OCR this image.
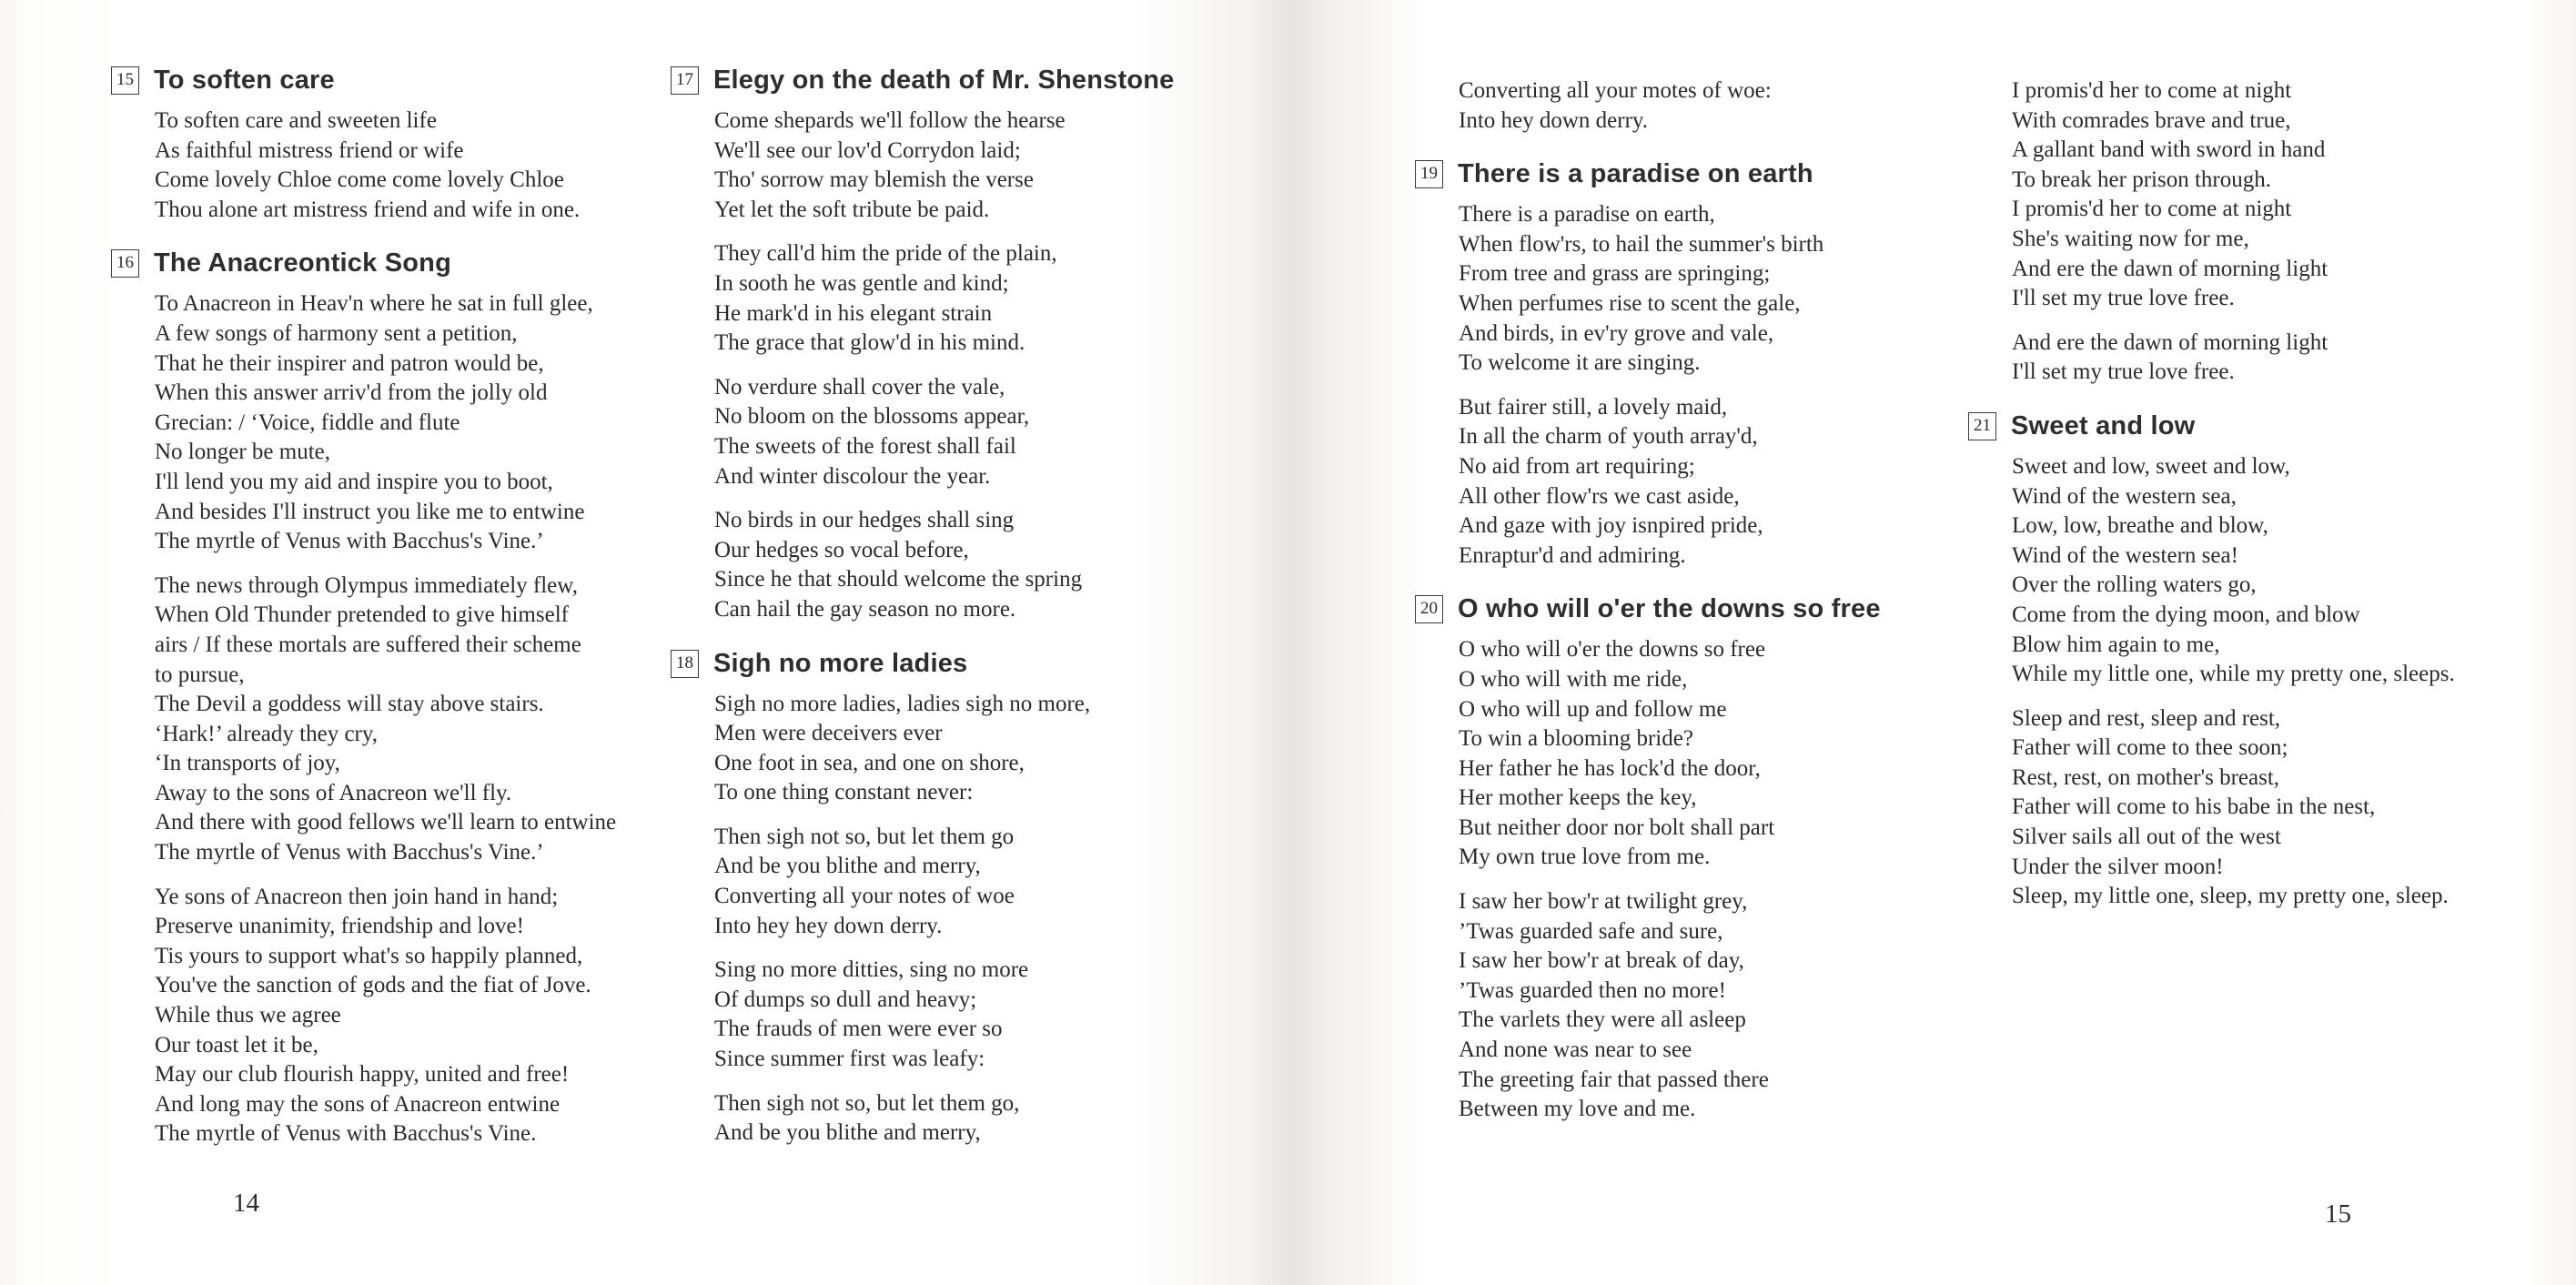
15 To soften care
To soften care and sweeten life
As faithful mistress friend or wife
Come lovely Chloe come come lovely Chloe
Thou alone art mistress friend and wife in one.
16 The Anacreontick Song
To Anacreon in Heav'n where he sat in full glee,
A few songs of harmony sent a petition,
That he their inspirer and patron would be,
When this answer arriv'd from the jolly old
Grecian: / ‘Voice, fiddle and flute
No longer be mute,
I'll lend you my aid and inspire you to boot,
And besides I'll instruct you like me to entwine
The myrtle of Venus with Bacchus's Vine.’
The news through Olympus immediately flew,
When Old Thunder pretended to give himself
airs / If these mortals are suffered their scheme
to pursue,
The Devil a goddess will stay above stairs.
‘Hark!’ already they cry,
‘In transports of joy,
Away to the sons of Anacreon we'll fly.
And there with good fellows we'll learn to entwine
The myrtle of Venus with Bacchus's Vine.’
Ye sons of Anacreon then join hand in hand;
Preserve unanimity, friendship and love!
Tis yours to support what's so happily planned,
You've the sanction of gods and the fiat of Jove.
While thus we agree
Our toast let it be,
May our club flourish happy, united and free!
And long may the sons of Anacreon entwine
The myrtle of Venus with Bacchus's Vine.
17 Elegy on the death of Mr. Shenstone
Come shepards we'll follow the hearse
We'll see our lov'd Corrydon laid;
Tho' sorrow may blemish the verse
Yet let the soft tribute be paid.
They call'd him the pride of the plain,
In sooth he was gentle and kind;
He mark'd in his elegant strain
The grace that glow'd in his mind.
No verdure shall cover the vale,
No bloom on the blossoms appear,
The sweets of the forest shall fail
And winter discolour the year.
No birds in our hedges shall sing
Our hedges so vocal before,
Since he that should welcome the spring
Can hail the gay season no more.
18 Sigh no more ladies
Sigh no more ladies, ladies sigh no more,
Men were deceivers ever
One foot in sea, and one on shore,
To one thing constant never:
Then sigh not so, but let them go
And be you blithe and merry,
Converting all your notes of woe
Into hey hey down derry.
Sing no more ditties, sing no more
Of dumps so dull and heavy;
The frauds of men were ever so
Since summer first was leafy:
Then sigh not so, but let them go,
And be you blithe and merry,
14
Converting all your motes of woe:
Into hey down derry.
19 There is a paradise on earth
There is a paradise on earth,
When flow'rs, to hail the summer's birth
From tree and grass are springing;
When perfumes rise to scent the gale,
And birds, in ev'ry grove and vale,
To welcome it are singing.
But fairer still, a lovely maid,
In all the charm of youth array'd,
No aid from art requiring;
All other flow'rs we cast aside,
And gaze with joy isnpired pride,
Enraptur'd and admiring.
20 O who will o'er the downs so free
O who will o'er the downs so free
O who will with me ride,
O who will up and follow me
To win a blooming bride?
Her father he has lock'd the door,
Her mother keeps the key,
But neither door nor bolt shall part
My own true love from me.
I saw her bow'r at twilight grey,
’Twas guarded safe and sure,
I saw her bow'r at break of day,
’Twas guarded then no more!
The varlets they were all asleep
And none was near to see
The greeting fair that passed there
Between my love and me.
I promis'd her to come at night
With comrades brave and true,
A gallant band with sword in hand
To break her prison through.
I promis'd her to come at night
She's waiting now for me,
And ere the dawn of morning light
I'll set my true love free.
And ere the dawn of morning light
I'll set my true love free.
21 Sweet and low
Sweet and low, sweet and low,
Wind of the western sea,
Low, low, breathe and blow,
Wind of the western sea!
Over the rolling waters go,
Come from the dying moon, and blow
Blow him again to me,
While my little one, while my pretty one, sleeps.
Sleep and rest, sleep and rest,
Father will come to thee soon;
Rest, rest, on mother's breast,
Father will come to his babe in the nest,
Silver sails all out of the west
Under the silver moon!
Sleep, my little one, sleep, my pretty one, sleep.
15
